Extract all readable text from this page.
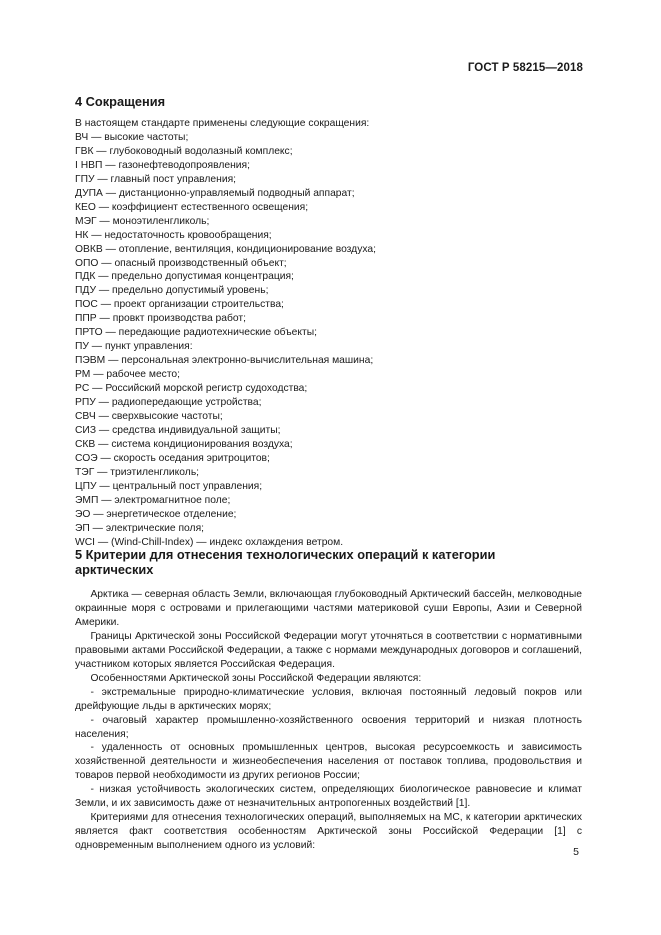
ГОСТ Р 58215—2018
4 Сокращения
В настоящем стандарте применены следующие сокращения:
ВЧ — высокие частоты;
ГВК — глубоководный водолазный комплекс;
I НВП — газонефтеводопроявления;
ГПУ — главный пост управления;
ДУПА — дистанционно-управляемый подводный аппарат;
КЕО — коэффициент естественного освещения;
МЭГ — моноэтиленгликоль;
НК — недостаточность кровообращения;
ОВКВ — отопление, вентиляция, кондиционирование воздуха;
ОПО — опасный производственный объект;
ПДК — предельно допустимая концентрация;
ПДУ — предельно допустимый уровень;
ПОС — проект организации строительства;
ППР — провкт производства работ;
ПРТО — передающие радиотехнические объекты;
ПУ — пункт управления:
ПЭВМ — персональная электронно-вычислительная машина;
РМ — рабочее место;
PC — Российский морской регистр судоходства;
РПУ — радиопередающие устройства;
СВЧ — сверхвысокие частоты;
СИЗ — средства индивидуальной защиты;
СКВ — система кондиционирования воздуха;
СОЭ — скорость оседания эритроцитов;
ТЭГ — триэтиленгликоль;
ЦПУ — центральный пост управления;
ЭМП — электромагнитное поле;
ЭО — энергетическое отделение;
ЭП — электрические поля;
WCI — (Wind-Chill-Index) — индекс охлаждения ветром.
5 Критерии для отнесения технологических операций к категории
арктических

Арктика — северная область Земли, включающая глубоководный Арктический бассейн, мелководные окраинные моря с островами и прилегающими частями материковой суши Европы, Азии и Северной Америки.

Границы Арктической зоны Российской Федерации могут уточняться в соответствии с нормативными правовыми актами Российской Федерации, а также с нормами международных договоров и соглашений, участником которых является Российская Федерация.

Особенностями Арктической зоны Российской Федерации являются:

- экстремальные природно-климатические условия, включая постоянный ледовый покров или дрейфующие льды в арктических морях;

- очаговый характер промышленно-хозяйственного освоения территорий и низкая плотность населения;

- удаленность от основных промышленных центров, высокая ресурсоемкость и зависимость хозяйственной деятельности и жизнеобеспечения населения от поставок топлива, продовольствия и товаров первой необходимости из других регионов России;

- низкая устойчивость экологических систем, определяющих биологическое равновесие и климат Земли, и их зависимость даже от незначительных антропогенных воздействий [1].

Критериями для отнесения технологических операций, выполняемых на МС, к категории арктических является факт соответствия особенностям Арктической зоны Российской Федерации [1] с одновременным выполнением одного из условий:

5
